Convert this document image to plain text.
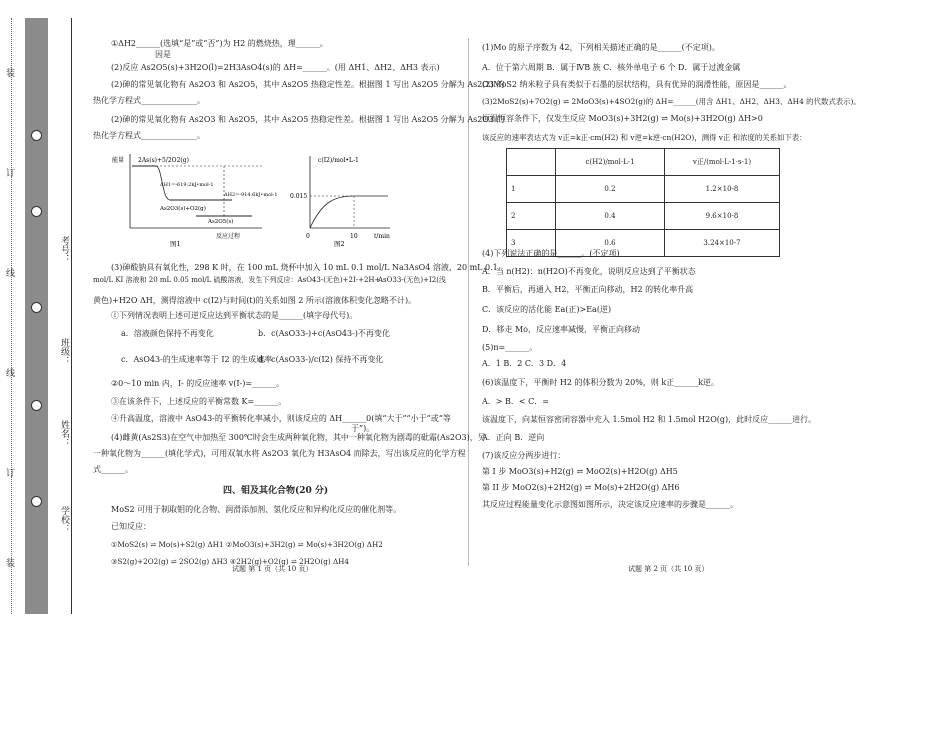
考号：
班级：
姓名：
学校：
装
订
线
线
订
装
①ΔH2______(选填“是”或“否”)为 H2 的燃烧热，理______。
因是
(2)反应 As2O5(s)+3H2O(l)=2H3AsO4(s)的 ΔH=______。(用 ΔH1、ΔH2、ΔH3 表示)
(2)砷的常见氧化物有 As2O3 和 As2O5，其中 As2O5 热稳定性差。根据图 1 写出 As2O5 分解为 As2O3 的
热化学方程式______________。
(2)砷的常见氧化物有 As2O3 和 As2O5，其中 As2O5 热稳定性差。根据图 1 写出 As2O5 分解为 As2O3 的
热化学方程式______________。
能量 2As(s)+5/2O2(g)
ΔH1=-619.2kJ•mol-1
ΔH2=-914.6kJ•mol-1
As2O3(s)+O2(g)
As2O5(s)
反应过程
图1
c(I2)/mol•L-1
0.015
0	10	t/min
图2
(3)砷酸钠具有氧化性，298 K 时，在 100 mL 烧杯中加入 10 mL 0.1 mol/L Na3AsO4 溶液、20 mL 0.1
mol/L KI 溶液和 20 mL 0.05 mol/L 硫酸溶液，发生下列反应：AsO43-(无色)+2I-+2H+
AsO33-(无色)+I2(浅
黄色)+H2O ΔH，测得溶液中 c(I2)与时间(t)的关系如图 2 所示(溶液体积变化忽略不计)。
①下列情况表明上述可逆反应达到平衡状态的是______(填字母代号)。
a．溶液颜色保持不再变化	b．c(AsO33-)+c(AsO43-)不再变化
c．AsO43-的生成速率等于 I2 的生成速率
d．c(AsO33-)/c(I2) 保持不再变化
②0～10 min 内，I- 的反应速率 v(I-)=______。
③在该条件下，上述反应的平衡常数 K=______。
④升高温度，溶液中 AsO43-的平衡转化率减小，则该反应的 ΔH______0(填“大于”“小于”或“等
于”)。
(4)雌黄(As2S3)在空气中加热至 300℃时会生成两种氧化物，其中一种氧化物为剧毒的砒霜(As2O3)，另
一种氧化物为______(填化学式)，可用双氧水将 As2O3 氧化为 H3AsO4 而除去，写出该反应的化学方程
式______。
四、钼及其化合物(20 分)
MoS2 可用于制取钼的化合物、润滑添加剂、氢化反应和异构化反应的催化剂等。
已知反应：
①MoS2(s) ⇌ Mo(s)+S2(g) ΔH1 ②MoO3(s)+3H2(g) ⇌ Mo(s)+3H2O(g) ΔH2
③S2(g)+2O2(g) ⇌ 2SO2(g) ΔH3 ④2H2(g)+O2(g) ⇌ 2H2O(g) ΔH4
试题 第 1 页（共 10 页）
(1)Mo 的原子序数为 42，下列相关描述正确的是______(不定项)。
A．位于第六周期 B．属于ⅣB 族 C．核外单电子 6 个 D．属于过渡金属
(2)MoS2 纳米粒子具有类似于石墨的层状结构，具有优异的润滑性能，原因是______。
(3)2MoS2(s)+7O2(g) ⇌ 2MoO3(s)+4SO2(g)的 ΔH=______(用含 ΔH1、ΔH2、ΔH3、ΔH4 的代数式表示)。
恒温恒容条件下，仅发生反应 MoO3(s)+3H2(g) ⇌ Mo(s)+3H2O(g) ΔH>0
该反应的速率表达式为 v正=k正·cm(H2) 和 v逆=k逆·cn(H2O)，测得 v正 和浓度的关系如下表：
	c(H2)/mol·L-1	v正/(mol·L-1·s-1)
1	0.2	1.2×10-8
2	0.4	9.6×10-8
3	0.6	3.24×10-7
(4)下列说法正确的是______。(不定项)
A．当 n(H2)：n(H2O)不再变化，说明反应达到了平衡状态
B．平衡后，再通入 H2，平衡正向移动，H2 的转化率升高
C．该反应的活化能 Ea(正)>Ea(逆)
D．移走 Mo，反应速率减慢，平衡正向移动
(5)n=______。
A．1 B．2 C．3 D．4
(6)该温度下，平衡时 H2 的体积分数为 20%，则 k正______k逆。
A．> B．< C．=
该温度下，向某恒容密闭容器中充入 1.5mol H2 和 1.5mol H2O(g)，此时反应______进行。
A．正向 B．逆向
(7)该反应分两步进行：
第 I 步 MoO3(s)+H2(g) ⇌ MoO2(s)+H2O(g) ΔH5
第 II 步 MoO2(s)+2H2(g) ⇌ Mo(s)+2H2O(g) ΔH6
其反应过程能量变化示意图如图所示，决定该反应速率的步骤是______。
试题 第 2 页（共 10 页）
